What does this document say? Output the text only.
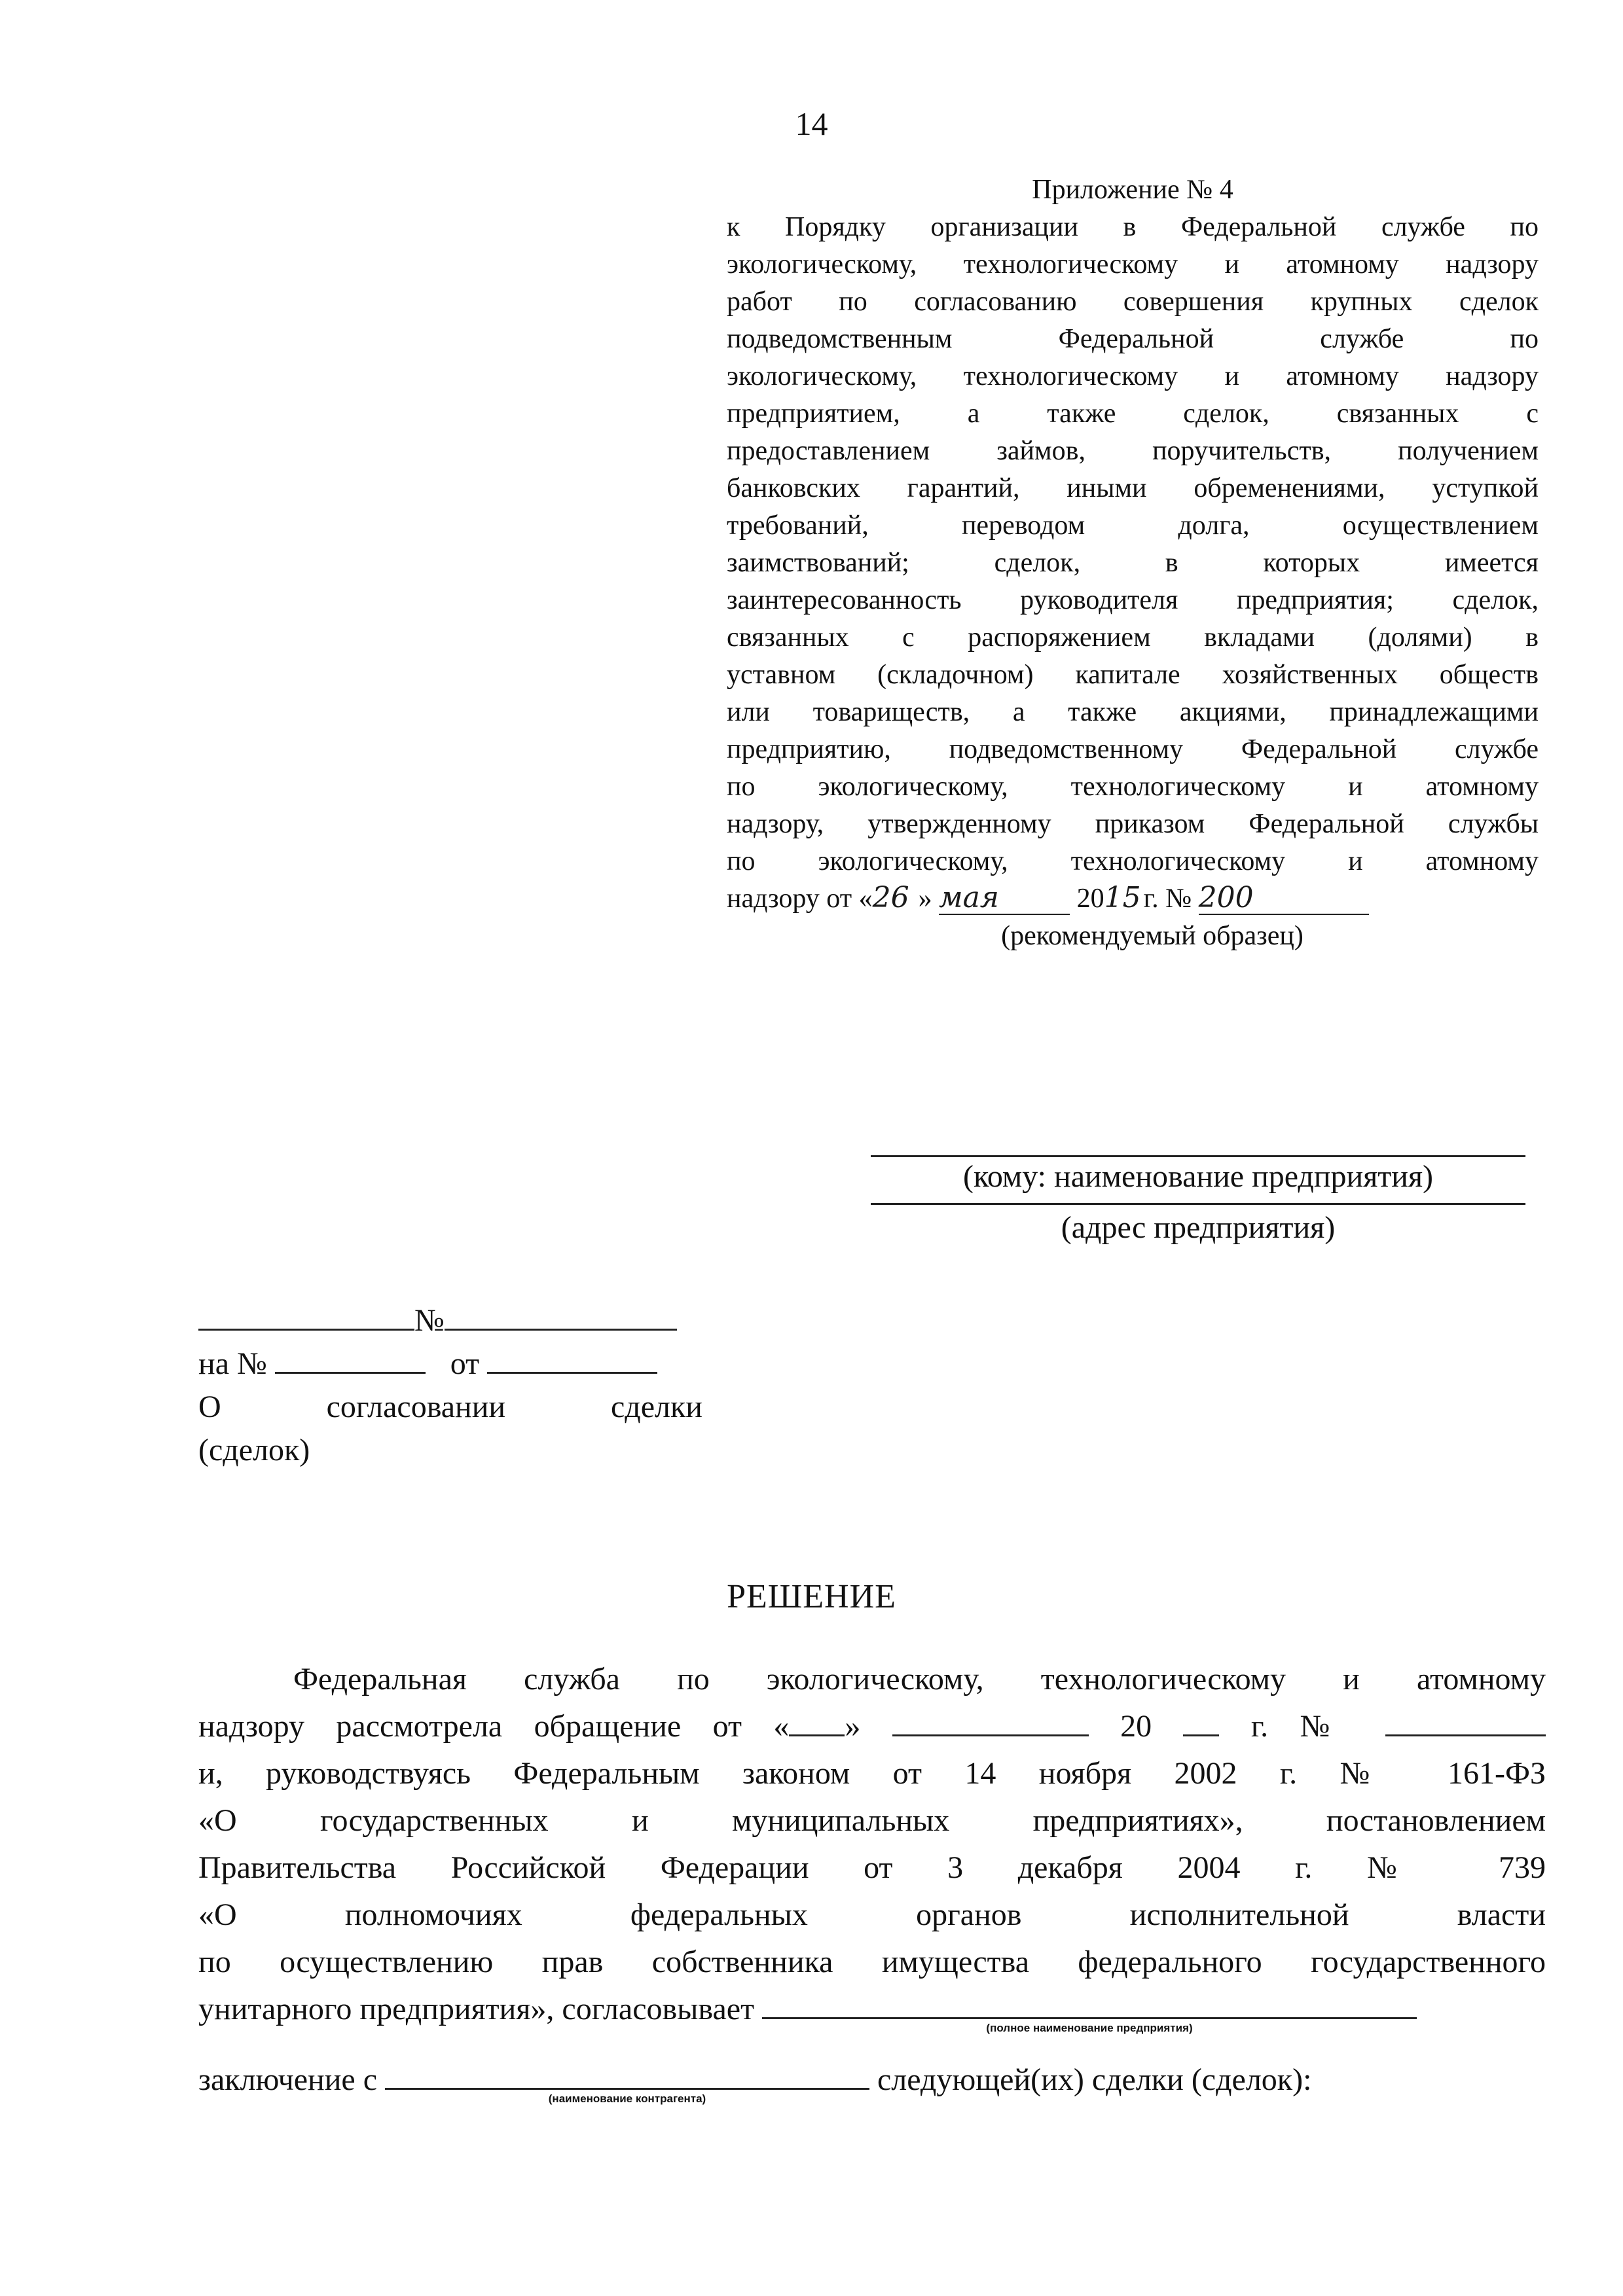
14
Приложение № 4
к Порядку организации в Федеральной службе по
экологическому, технологическому и атомному надзору
работ по согласованию совершения крупных сделок
подведомственным Федеральной службе по
экологическому, технологическому и атомному надзору
предприятием, а также сделок, связанных с
предоставлением займов, поручительств, получением
банковских гарантий, иными обременениями, уступкой
требований, переводом долга, осуществлением
заимствований; сделок, в которых имеется
заинтересованность руководителя предприятия; сделок,
связанных с распоряжением вкладами (долями) в
уставном (складочном) капитале хозяйственных обществ
или товариществ, а также акциями, принадлежащими
предприятию, подведомственному Федеральной службе
по экологическому, технологическому и атомному
надзору, утвержденному приказом Федеральной службы
по экологическому, технологическому и атомному
надзору от «26 » мая	2015г. № 200
(рекомендуемый образец)
(кому: наименование предприятия)
(адрес предприятия)
№
на №	от
О	согласовании	сделки
(сделок)
РЕШЕНИЕ
Федеральная служба по экологическому, технологическому и атомному
надзору рассмотрела обращение от « »	20	г. №
и, руководствуясь Федеральным законом от 14 ноября 2002 г. № 161-ФЗ
«О государственных и муниципальных предприятиях», постановлением
Правительства Российской Федерации от 3 декабря 2004 г. № 739
«О полномочиях федеральных органов исполнительной власти
по осуществлению прав собственника имущества федерального государственного
унитарного предприятия», согласовывает
(полное наименование предприятия)
заключение с
(наименование контрагента)
следующей(их) сделки (сделок):
